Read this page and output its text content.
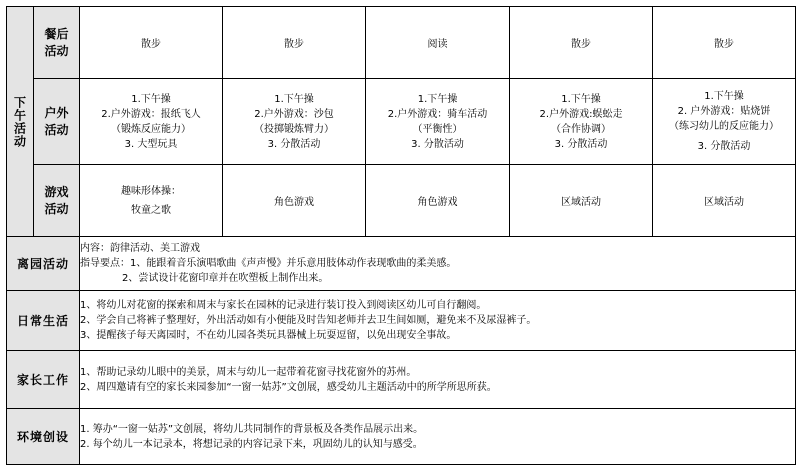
下午活动	餐后活动	散步	散步	阅读	散步	散步
	户外活动	1.下午操
2.户外游戏：报纸飞人
（锻炼反应能力）
3. 大型玩具	1.下午操
2.户外游戏：沙包
（投掷锻炼臂力）
3. 分散活动	1.下午操
2.户外游戏：骑车活动
（平衡性）
3. 分散活动	1.下午操
2.户外游戏:蜈蚣走
（合作协调）
3. 分散活动	1.下午操
2. 户外游戏：贴烧饼
（练习幼儿的反应能力）
3. 分散活动

	游戏活动	趣味形体操：
牧童之歌	角色游戏	角色游戏	区域活动	区域活动
离园活动		内容：韵律活动、美工游戏
指导要点：1、能跟着音乐演唱歌曲《声声慢》并乐意用肢体动作表现歌曲的柔美感。
2、尝试设计花窗印章并在吹塑板上制作出来。				

日常生活		1、将幼儿对花窗的探索和周末与家长在园林的记录进行装订投入到阅读区幼儿可自行翻阅。
2、学会自己将裤子整理好，外出活动如有小便能及时告知老师并去卫生间如厕，避免来不及尿湿裤子。
3、提醒孩子每天离园时，不在幼儿园各类玩具器械上玩耍逗留，以免出现安全事故。				

家长工作		1、帮助记录幼儿眼中的美景，周末与幼儿一起带着花窗寻找花窗外的苏州。
2、周四邀请有空的家长来园参加“一窗一姑苏”文创展，感受幼儿主题活动中的所学所思所获。				

环境创设		1. 筹办“一窗一姑苏”文创展，将幼儿共同制作的背景板及各类作品展示出来。
2. 每个幼儿一本记录本，将想记录的内容记录下来，巩固幼儿的认知与感受。				
